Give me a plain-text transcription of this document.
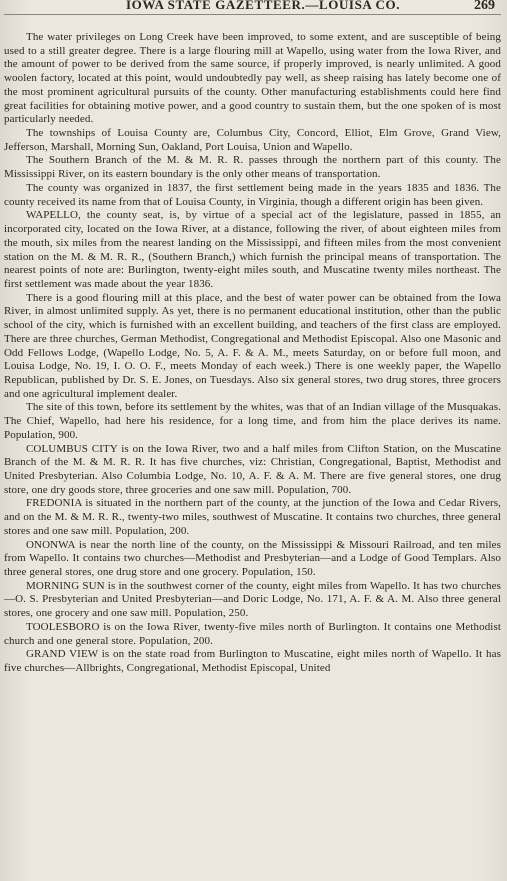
IOWA STATE GAZETTEER.—LOUISA CO.	269

The water privileges on Long Creek have been improved, to some extent, and are susceptible of being used to a still greater degree. There is a large flouring mill at Wapello, using water from the Iowa River, and the amount of power to be derived from the same source, if properly improved, is nearly unlimited. A good woolen factory, located at this point, would undoubtedly pay well, as sheep raising has lately become one of the most prominent agricultural pursuits of the county. Other manufacturing establishments could here find great facilities for obtaining motive power, and a good country to sustain them, but the one spoken of is most particularly needed.

The townships of Louisa County are, Columbus City, Concord, Elliot, Elm Grove, Grand View, Jefferson, Marshall, Morning Sun, Oakland, Port Louisa, Union and Wapello.

The Southern Branch of the M. & M. R. R. passes through the northern part of this county. The Mississippi River, on its eastern boundary is the only other means of transportation.

The county was organized in 1837, the first settlement being made in the years 1835 and 1836. The county received its name from that of Louisa County, in Virginia, though a different origin has been given.

WAPELLO, the county seat, is, by virtue of a special act of the legislature, passed in 1855, an incorporated city, located on the Iowa River, at a distance, following the river, of about eighteen miles from the mouth, six miles from the nearest landing on the Mississippi, and fifteen miles from the most convenient station on the M. & M. R. R., (Southern Branch,) which furnish the principal means of transportation. The nearest points of note are: Burlington, twenty-eight miles south, and Muscatine twenty miles northeast. The first settlement was made about the year 1836.

There is a good flouring mill at this place, and the best of water power can be obtained from the Iowa River, in almost unlimited supply. As yet, there is no permanent educational institution, other than the public school of the city, which is furnished with an excellent building, and teachers of the first class are employed. There are three churches, German Methodist, Congregational and Methodist Episcopal. Also one Masonic and Odd Fellows Lodge, (Wapello Lodge, No. 5, A. F. & A. M., meets Saturday, on or before full moon, and Louisa Lodge, No. 19, I. O. O. F., meets Monday of each week.) There is one weekly paper, the Wapello Republican, published by Dr. S. E. Jones, on Tuesdays. Also six general stores, two drug stores, three grocers and one agricultural implement dealer.

The site of this town, before its settlement by the whites, was that of an Indian village of the Musquakas. The Chief, Wapello, had here his residence, for a long time, and from him the place derives its name. Population, 900.

COLUMBUS CITY is on the Iowa River, two and a half miles from Clifton Station, on the Muscatine Branch of the M. & M. R. R. It has five churches, viz: Christian, Congregational, Baptist, Methodist and United Presbyterian. Also Columbia Lodge, No. 10, A. F. & A. M. There are five general stores, one drug store, one dry goods store, three groceries and one saw mill. Population, 700.

FREDONIA is situated in the northern part of the county, at the junction of the Iowa and Cedar Rivers, and on the M. & M. R. R., twenty-two miles, southwest of Muscatine. It contains two churches, three general stores and one saw mill. Population, 200.

ONONWA is near the north line of the county, on the Mississippi & Missouri Railroad, and ten miles from Wapello. It contains two churches—Methodist and Presbyterian—and a Lodge of Good Templars. Also three general stores, one drug store and one grocery. Population, 150.

MORNING SUN is in the southwest corner of the county, eight miles from Wapello. It has two churches—O. S. Presbyterian and United Presbyterian—and Doric Lodge, No. 171, A. F. & A. M. Also three general stores, one grocery and one saw mill. Population, 250.

TOOLESBORO is on the Iowa River, twenty-five miles north of Burlington. It contains one Methodist church and one general store. Population, 200.

GRAND VIEW is on the state road from Burlington to Muscatine, eight miles north of Wapello. It has five churches—Allbrights, Congregational, Methodist Episcopal, United
